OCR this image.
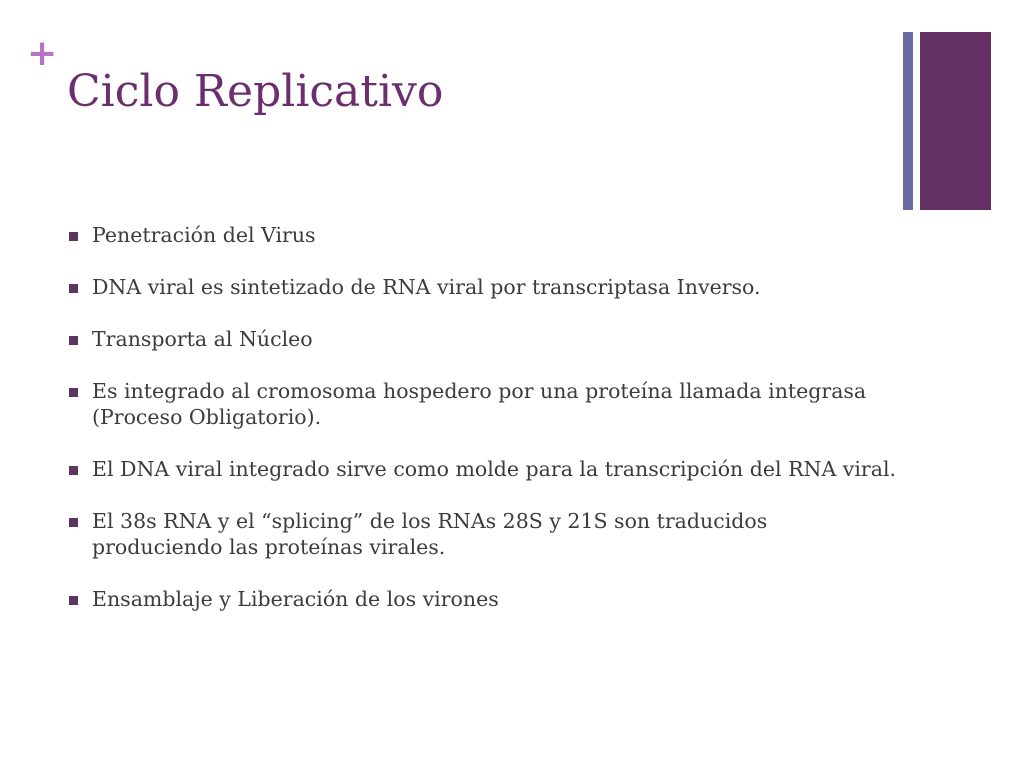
+
Ciclo Replicativo
Penetración del Virus
DNA viral es sintetizado de RNA viral por transcriptasa Inverso.
Transporta al Núcleo
Es integrado al cromosoma hospedero por una proteína llamada integrasa (Proceso Obligatorio).
El DNA viral integrado sirve como molde para la transcripción del RNA viral.
El 38s RNA y el “splicing” de los RNAs 28S y 21S son traducidos produciendo las proteínas virales.
Ensamblaje y Liberación de los virones
